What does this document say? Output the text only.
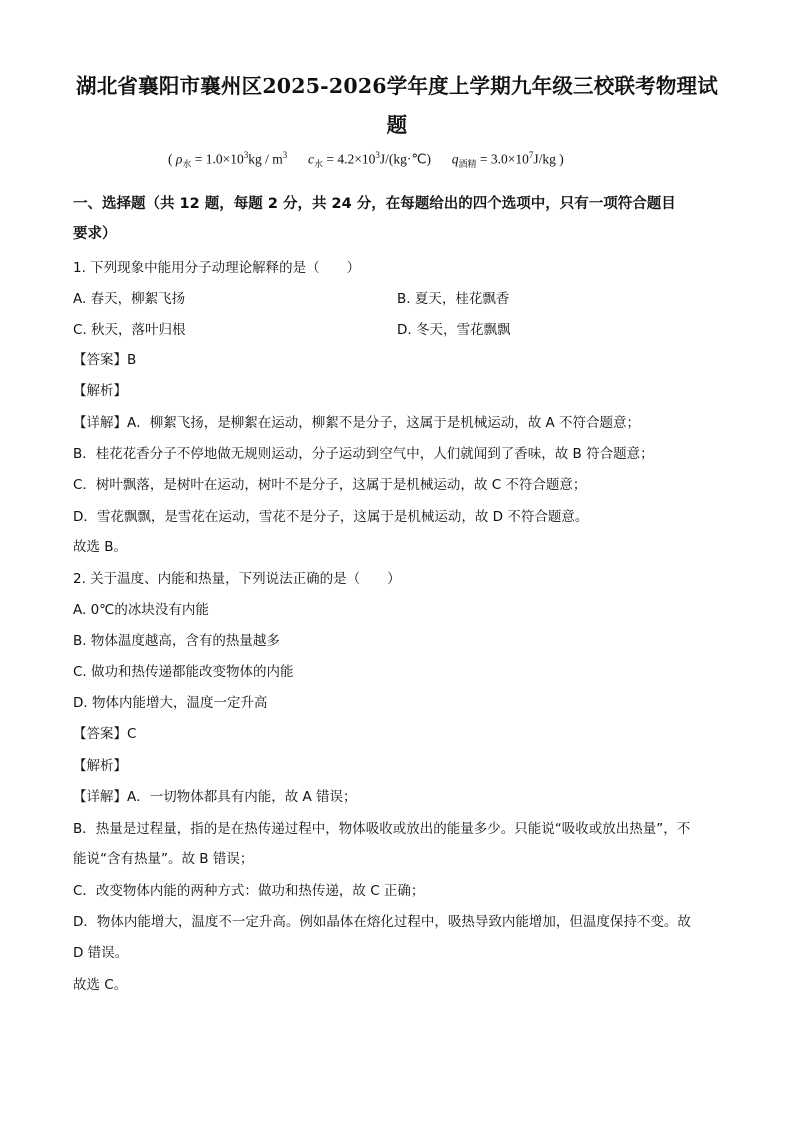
湖北省襄阳市襄州区2025-2026学年度上学期九年级三校联考物理试
题
( $\rho_水 = 1.0\times 10^3kg / m^3$ $c_水$ = $4.2\times 10^3J/(kg\cdot℃) q_{酒精} = 3.0\times 10^7J/kg$ )
一、选择题（共 12 题，每题 2 分，共 24 分，在每题给出的四个选项中，只有一项符合题目
要求）
1. 下列现象中能用分子动理论解释的是（　　）
A. 春天，柳絮飞扬	B. 夏天，桂花飘香
C. 秋天，落叶归根	D. 冬天，雪花飘飘
【答案】B
【解析】
【详解】A．柳絮飞扬，是柳絮在运动，柳絮不是分子，这属于是机械运动，故 A 不符合题意；
B．桂花花香分子不停地做无规则运动，分子运动到空气中，人们就闻到了香味，故 B 符合题意；
C．树叶飘落，是树叶在运动，树叶不是分子，这属于是机械运动，故 C 不符合题意；
D．雪花飘飘，是雪花在运动，雪花不是分子，这属于是机械运动，故 D 不符合题意。
故选 B。
2. 关于温度、内能和热量，下列说法正确的是（　　）
A. 0℃的冰块没有内能
B. 物体温度越高，含有的热量越多
C. 做功和热传递都能改变物体的内能
D. 物体内能增大，温度一定升高
【答案】C
【解析】
【详解】A．一切物体都具有内能，故 A 错误；
B．热量是过程量，指的是在热传递过程中，物体吸收或放出的能量多少。只能说“吸收或放出热量”，不
能说“含有热量”。故 B 错误；
C．改变物体内能的两种方式：做功和热传递，故 C 正确；
D．物体内能增大，温度不一定升高。例如晶体在熔化过程中，吸热导致内能增加，但温度保持不变。故
D 错误。
故选 C。
